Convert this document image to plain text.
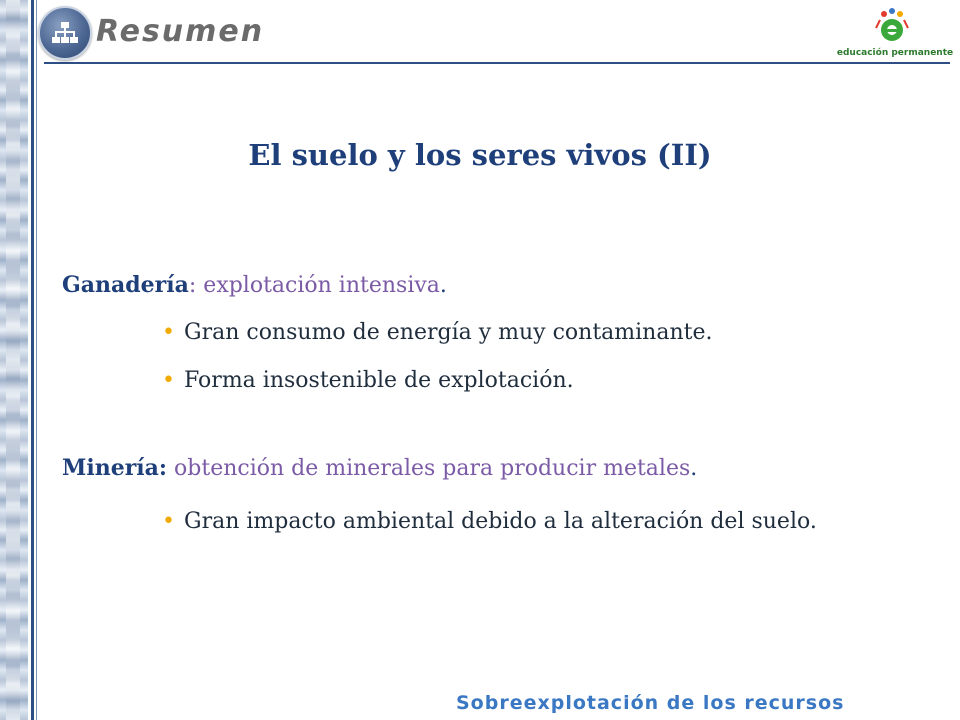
Resumen
educación permanente
El suelo y los seres vivos (II)
Ganadería: explotación intensiva.
• Gran consumo de energía y muy contaminante.
• Forma insostenible de explotación.
Minería: obtención de minerales para producir metales.
• Gran impacto ambiental debido a la alteración del suelo.
Sobreexplotación de los recursos
